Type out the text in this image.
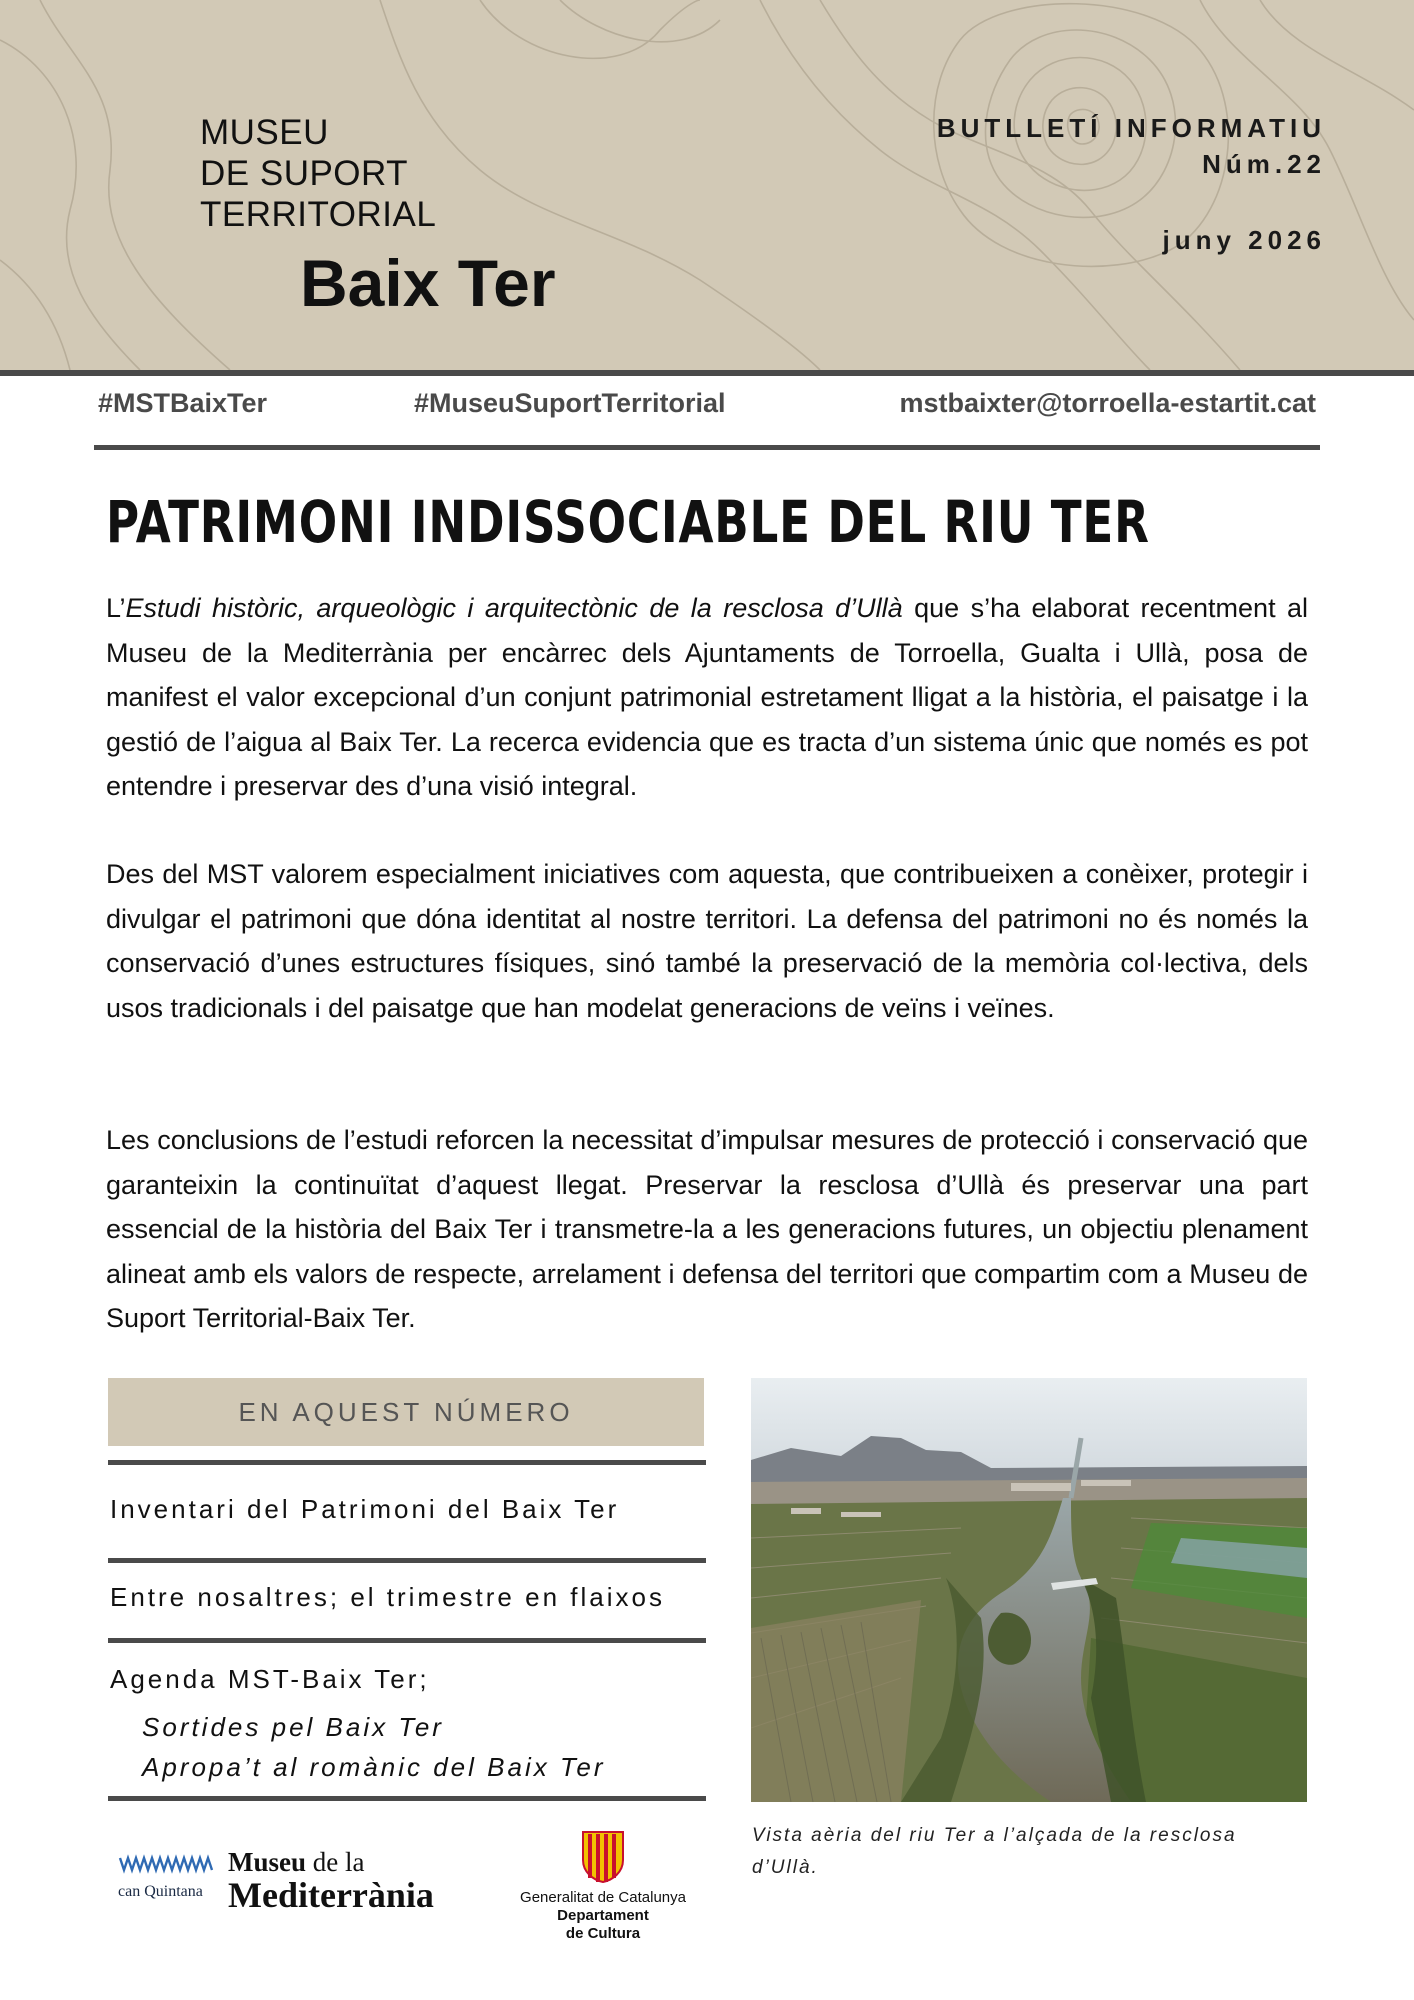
MUSEU
DE SUPORT
TERRITORIAL
Baix Ter
BUTLLETÍ INFORMATIU
Núm.22
juny 2026
#MSTBaixTer	#MuseuSuportTerritorial	mstbaixter@torroella-estartit.cat
PATRIMONI INDISSOCIABLE DEL RIU TER

L’Estudi històric, arqueològic i arquitectònic de la resclosa d’Ullà que s’ha elaborat recentment al Museu de la Mediterrània per encàrrec dels Ajuntaments de Torroella, Gualta i Ullà, posa de manifest el valor excepcional d’un conjunt patrimonial estretament lligat a la història, el paisatge i la gestió de l’aigua al Baix Ter. La recerca evidencia que es tracta d’un sistema únic que només es pot entendre i preservar des d’una visió integral.

Des del MST valorem especialment iniciatives com aquesta, que contribueixen a conèixer, protegir i divulgar el patrimoni que dóna identitat al nostre territori. La defensa del patrimoni no és només la conservació d’unes estructures físiques, sinó també la preservació de la memòria col·lectiva, dels usos tradicionals i del paisatge que han modelat generacions de veïns i veïnes.

Les conclusions de l’estudi reforcen la necessitat d’impulsar mesures de protecció i conservació que garanteixin la continuïtat d’aquest llegat. Preservar la resclosa d’Ullà és preservar una part essencial de la història del Baix Ter i transmetre-la a les generacions futures, un objectiu plenament alineat amb els valors de respecte, arrelament i defensa del territori que compartim com a Museu de Suport Territorial-Baix Ter.

EN AQUEST NÚMERO
Inventari del Patrimoni del Baix Ter
Entre nosaltres; el trimestre en flaixos
Agenda MST-Baix Ter;
Sortides pel Baix Ter
Apropa’t al romànic del Baix Ter
Vista aèria del riu Ter a l’alçada de la resclosa d’Ullà.
can Quintana
Museu de la
Mediterrània	Generalitat de Catalunya
Departament
de Cultura
